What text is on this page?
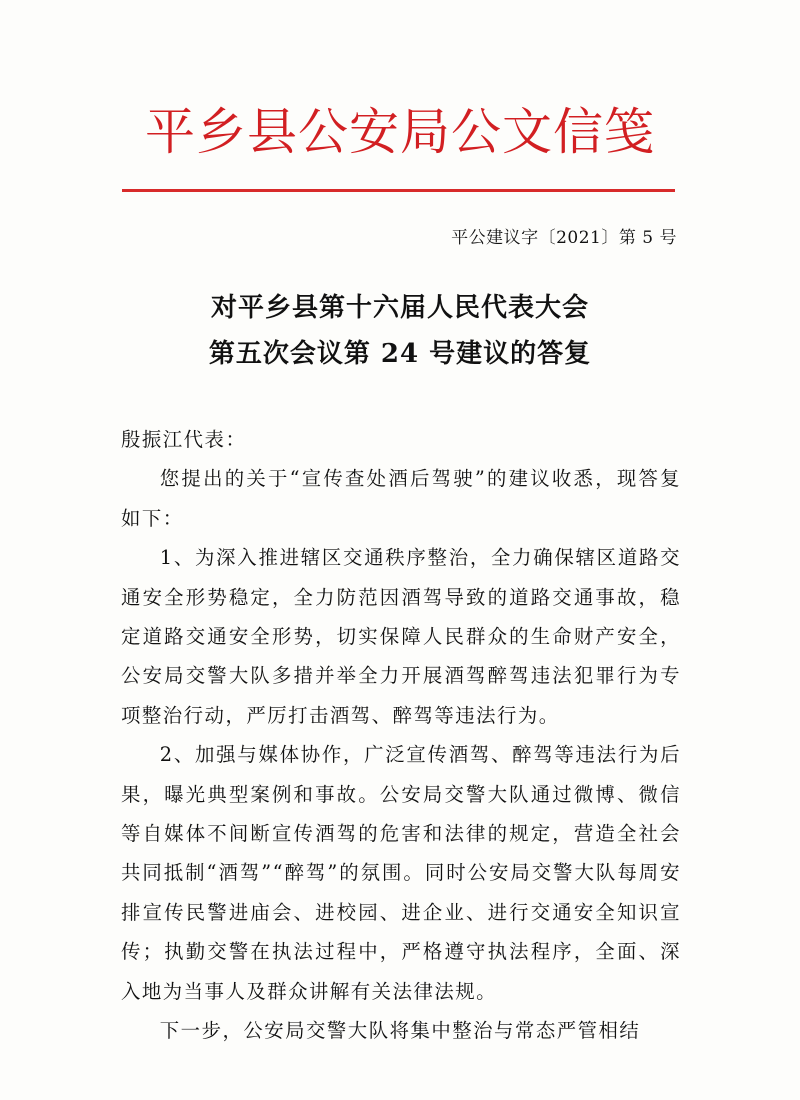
平乡县公安局公文信笺
平公建议字〔2021〕第 5 号
对平乡县第十六届人民代表大会
第五次会议第 24 号建议的答复

殷振江代表：

您提出的关于“宣传查处酒后驾驶”的建议收悉，现答复如下：

1、为深入推进辖区交通秩序整治，全力确保辖区道路交通安全形势稳定，全力防范因酒驾导致的道路交通事故，稳定道路交通安全形势，切实保障人民群众的生命财产安全，公安局交警大队多措并举全力开展酒驾醉驾违法犯罪行为专项整治行动，严厉打击酒驾、醉驾等违法行为。

2、加强与媒体协作，广泛宣传酒驾、醉驾等违法行为后果，曝光典型案例和事故。公安局交警大队通过微博、微信等自媒体不间断宣传酒驾的危害和法律的规定，营造全社会共同抵制“酒驾”“醉驾”的氛围。同时公安局交警大队每周安排宣传民警进庙会、进校园、进企业、进行交通安全知识宣传；执勤交警在执法过程中，严格遵守执法程序，全面、深入地为当事人及群众讲解有关法律法规。

下一步，公安局交警大队将集中整治与常态严管相结
